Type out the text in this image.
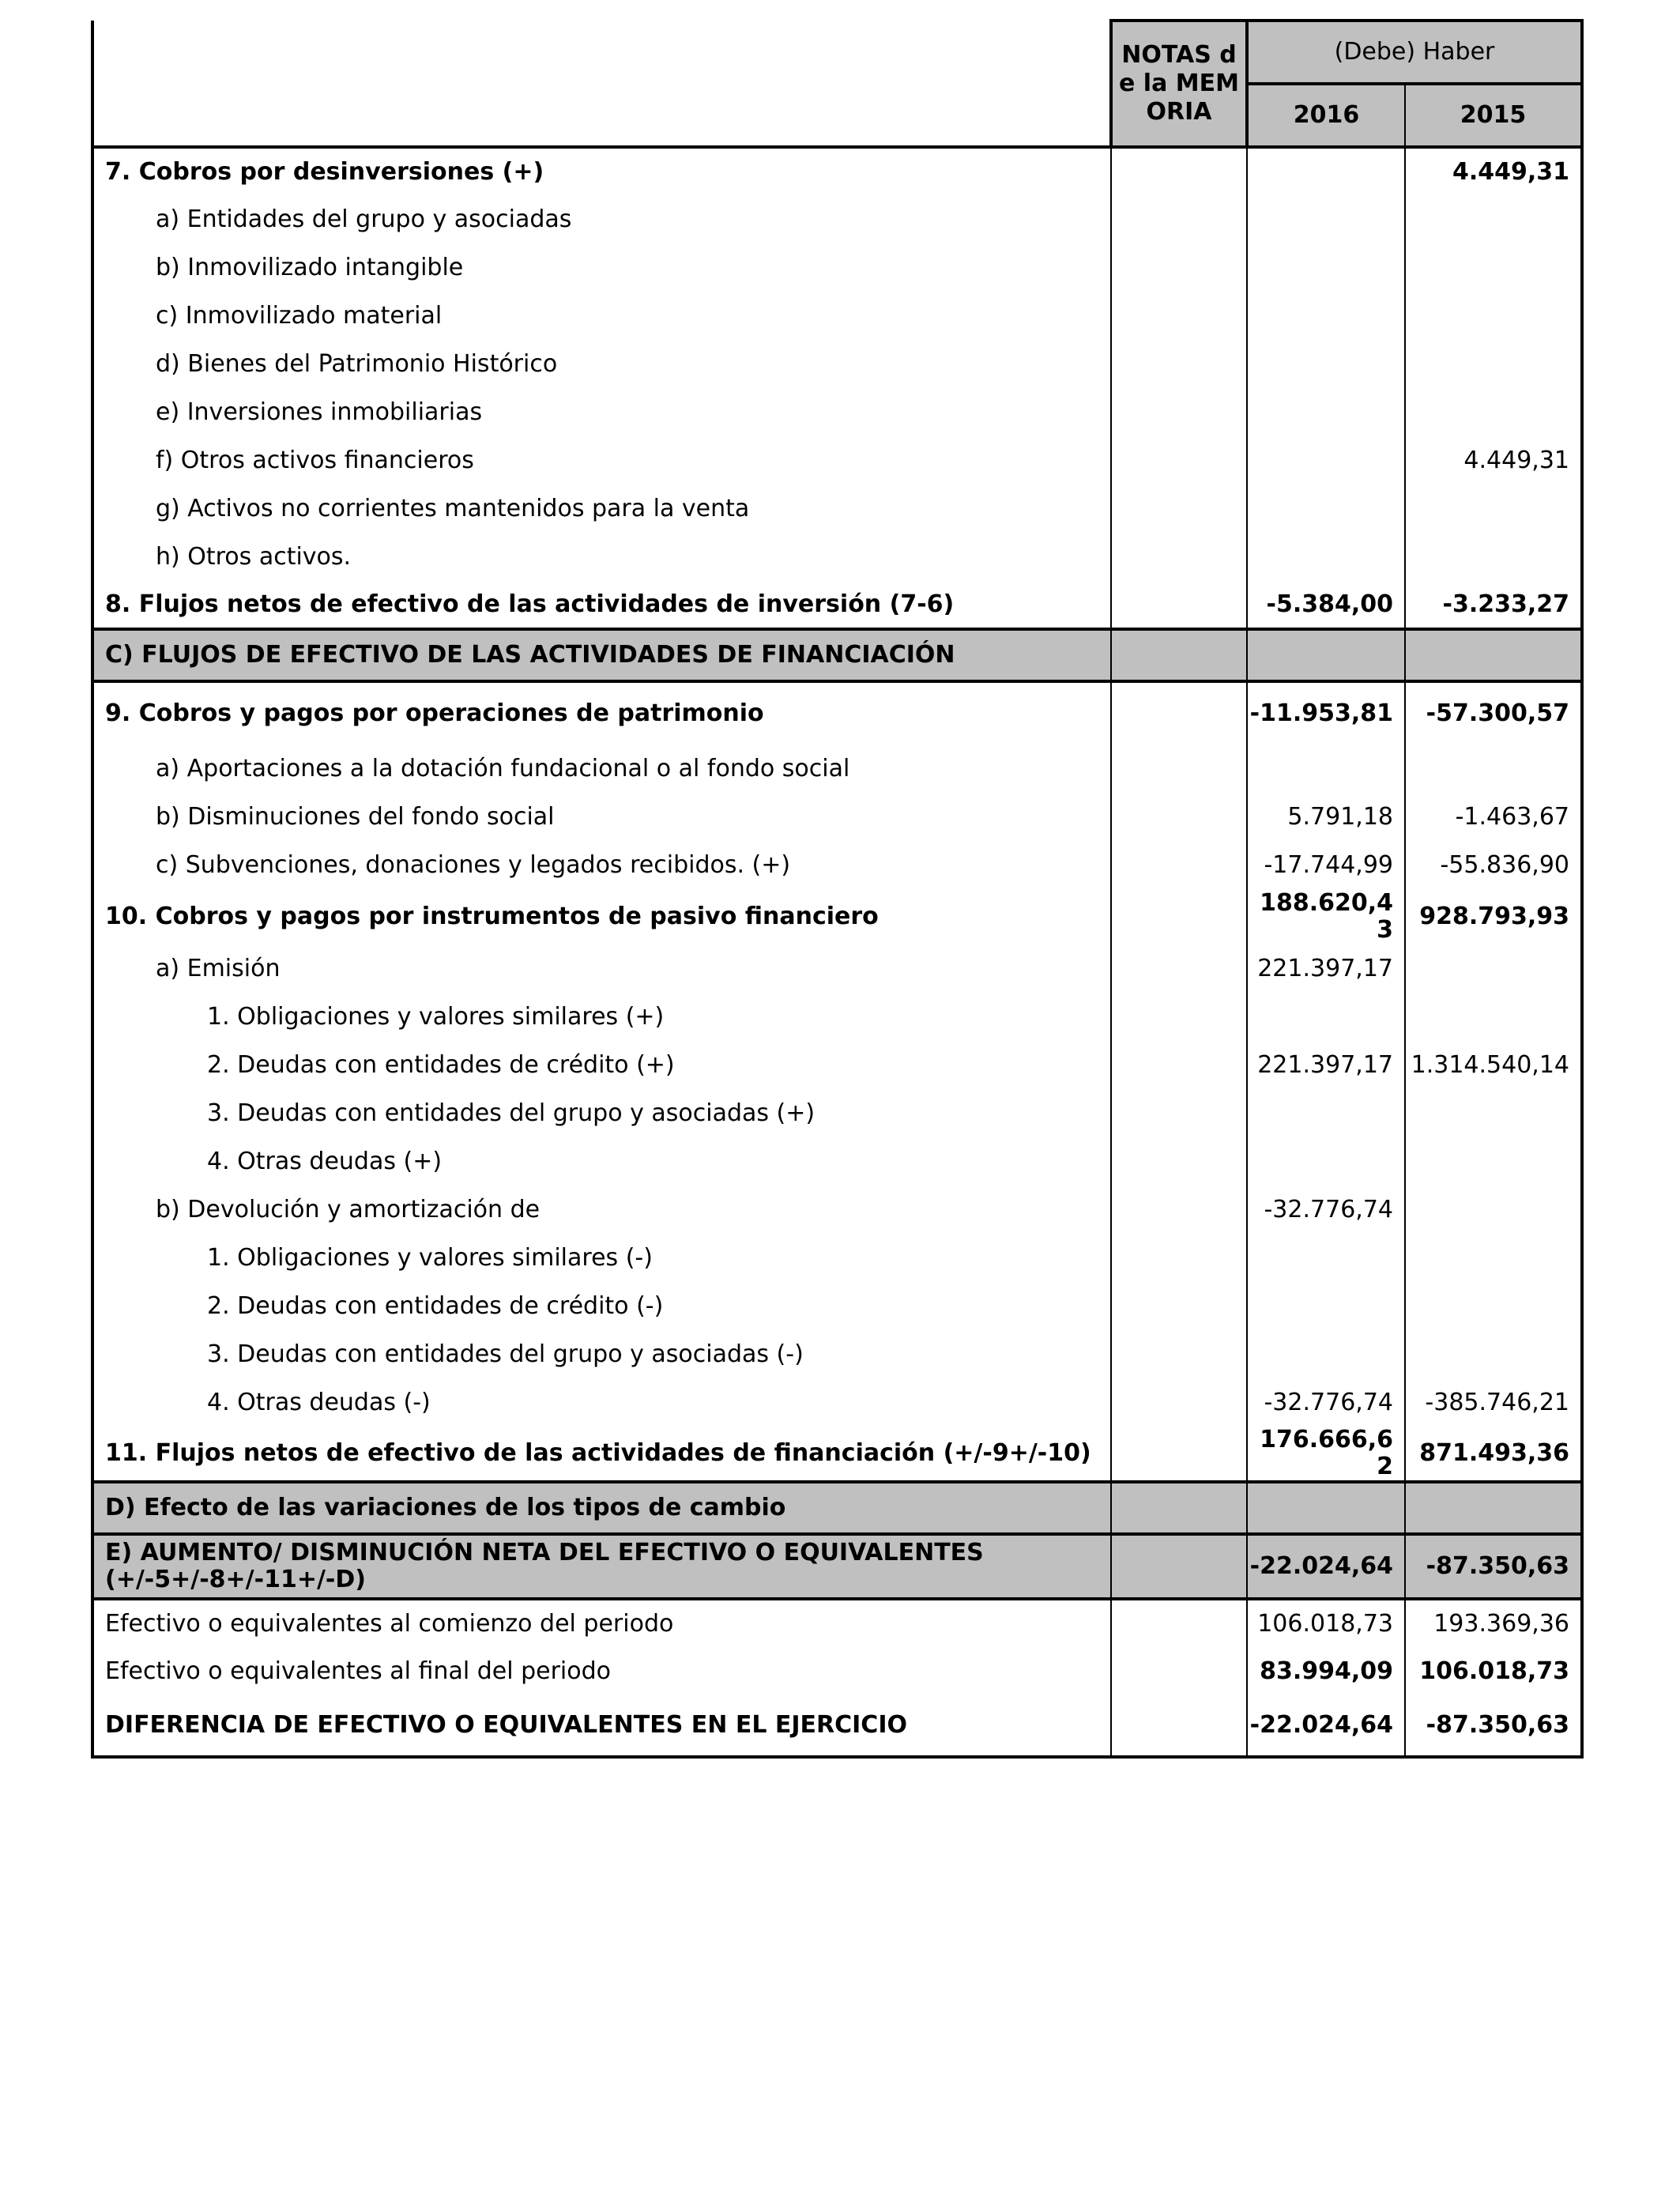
	NOTAS de la MEMORIA	(Debe) Haber	
		2016	2015
7. Cobros por desinversiones (+)			4.449,31
a) Entidades del grupo y asociadas			
b) Inmovilizado intangible			
c) Inmovilizado material			
d) Bienes del Patrimonio Histórico			
e) Inversiones inmobiliarias			
f) Otros activos financieros			4.449,31
g) Activos no corrientes mantenidos para la venta			
h) Otros activos.			
8. Flujos netos de efectivo de las actividades de inversión (7-6)		-5.384,00	-3.233,27
C) FLUJOS DE EFECTIVO DE LAS ACTIVIDADES DE FINANCIACIÓN			
9. Cobros y pagos por operaciones de patrimonio		-11.953,81	-57.300,57
a) Aportaciones a la dotación fundacional o al fondo social			
b) Disminuciones del fondo social		5.791,18	-1.463,67
c) Subvenciones, donaciones y legados recibidos. (+)		-17.744,99	-55.836,90
10. Cobros y pagos por instrumentos de pasivo financiero		188.620,43	928.793,93
a) Emisión		221.397,17	
1. Obligaciones y valores similares (+)			
2. Deudas con entidades de crédito (+)		221.397,17	1.314.540,14
3. Deudas con entidades del grupo y asociadas (+)			
4. Otras deudas (+)			
b) Devolución y amortización de		-32.776,74	
1. Obligaciones y valores similares (-)			
2. Deudas con entidades de crédito (-)			
3. Deudas con entidades del grupo y asociadas (-)			
4. Otras deudas (-)		-32.776,74	-385.746,21
11. Flujos netos de efectivo de las actividades de financiación (+/-9+/-10)		176.666,62	871.493,36
D) Efecto de las variaciones de los tipos de cambio			
E) AUMENTO/ DISMINUCIÓN NETA DEL EFECTIVO O EQUIVALENTES (+/-5+/-8+/-11+/-D)		-22.024,64	-87.350,63
Efectivo o equivalentes al comienzo del periodo		106.018,73	193.369,36
Efectivo o equivalentes al final del periodo		83.994,09	106.018,73
DIFERENCIA DE EFECTIVO O EQUIVALENTES EN EL EJERCICIO		-22.024,64	-87.350,63
